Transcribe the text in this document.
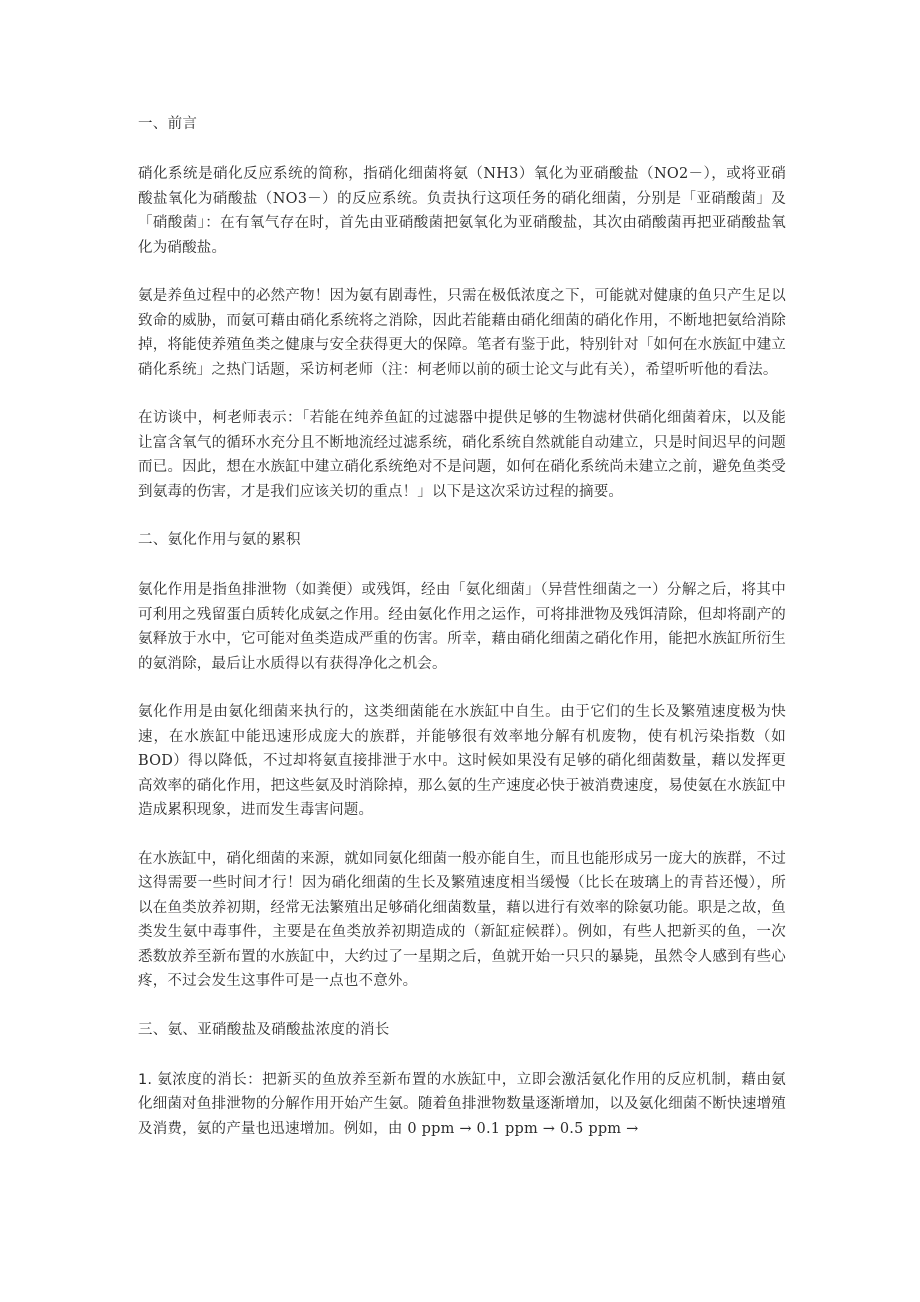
一、前言

硝化系统是硝化反应系统的简称，指硝化细菌将氨（NH3）氧化为亚硝酸盐（NO2－），或将亚硝酸盐氧化为硝酸盐（NO3－）的反应系统。负责执行这项任务的硝化细菌，分别是「亚硝酸菌」及「硝酸菌」：在有氧气存在时，首先由亚硝酸菌把氨氧化为亚硝酸盐，其次由硝酸菌再把亚硝酸盐氧化为硝酸盐。

氨是养鱼过程中的必然产物！因为氨有剧毒性，只需在极低浓度之下，可能就对健康的鱼只产生足以致命的威胁，而氨可藉由硝化系统将之消除，因此若能藉由硝化细菌的硝化作用，不断地把氨给消除掉，将能使养殖鱼类之健康与安全获得更大的保障。笔者有鉴于此，特别针对「如何在水族缸中建立硝化系统」之热门话题，采访柯老师（注：柯老师以前的硕士论文与此有关），希望听听他的看法。

在访谈中，柯老师表示：「若能在纯养鱼缸的过滤器中提供足够的生物滤材供硝化细菌着床，以及能让富含氧气的循环水充分且不断地流经过滤系统，硝化系统自然就能自动建立，只是时间迟早的问题而已。因此，想在水族缸中建立硝化系统绝对不是问题，如何在硝化系统尚未建立之前，避免鱼类受到氨毒的伤害，才是我们应该关切的重点！」以下是这次采访过程的摘要。

二、氨化作用与氨的累积

氨化作用是指鱼排泄物（如粪便）或残饵，经由「氨化细菌」（异营性细菌之一）分解之后，将其中可利用之残留蛋白质转化成氨之作用。经由氨化作用之运作，可将排泄物及残饵清除，但却将副产的氨释放于水中，它可能对鱼类造成严重的伤害。所幸，藉由硝化细菌之硝化作用，能把水族缸所衍生的氨消除，最后让水质得以有获得净化之机会。

氨化作用是由氨化细菌来执行的，这类细菌能在水族缸中自生。由于它们的生长及繁殖速度极为快速，在水族缸中能迅速形成庞大的族群，并能够很有效率地分解有机废物，使有机污染指数（如BOD）得以降低，不过却将氨直接排泄于水中。这时候如果没有足够的硝化细菌数量，藉以发挥更高效率的硝化作用，把这些氨及时消除掉，那么氨的生产速度必快于被消费速度，易使氨在水族缸中造成累积现象，进而发生毒害问题。

在水族缸中，硝化细菌的来源，就如同氨化细菌一般亦能自生，而且也能形成另一庞大的族群，不过这得需要一些时间才行！因为硝化细菌的生长及繁殖速度相当缓慢（比长在玻璃上的青苔还慢），所以在鱼类放养初期，经常无法繁殖出足够硝化细菌数量，藉以进行有效率的除氨功能。职是之故，鱼类发生氨中毒事件，主要是在鱼类放养初期造成的（新缸症候群）。例如，有些人把新买的鱼，一次悉数放养至新布置的水族缸中，大约过了一星期之后，鱼就开始一只只的暴毙，虽然令人感到有些心疼，不过会发生这事件可是一点也不意外。

三、氨、亚硝酸盐及硝酸盐浓度的消长

1. 氨浓度的消长：把新买的鱼放养至新布置的水族缸中，立即会激活氨化作用的反应机制，藉由氨化细菌对鱼排泄物的分解作用开始产生氨。随着鱼排泄物数量逐渐增加，以及氨化细菌不断快速增殖及消费，氨的产量也迅速增加。例如，由 0 ppm → 0.1 ppm → 0.5 ppm →
